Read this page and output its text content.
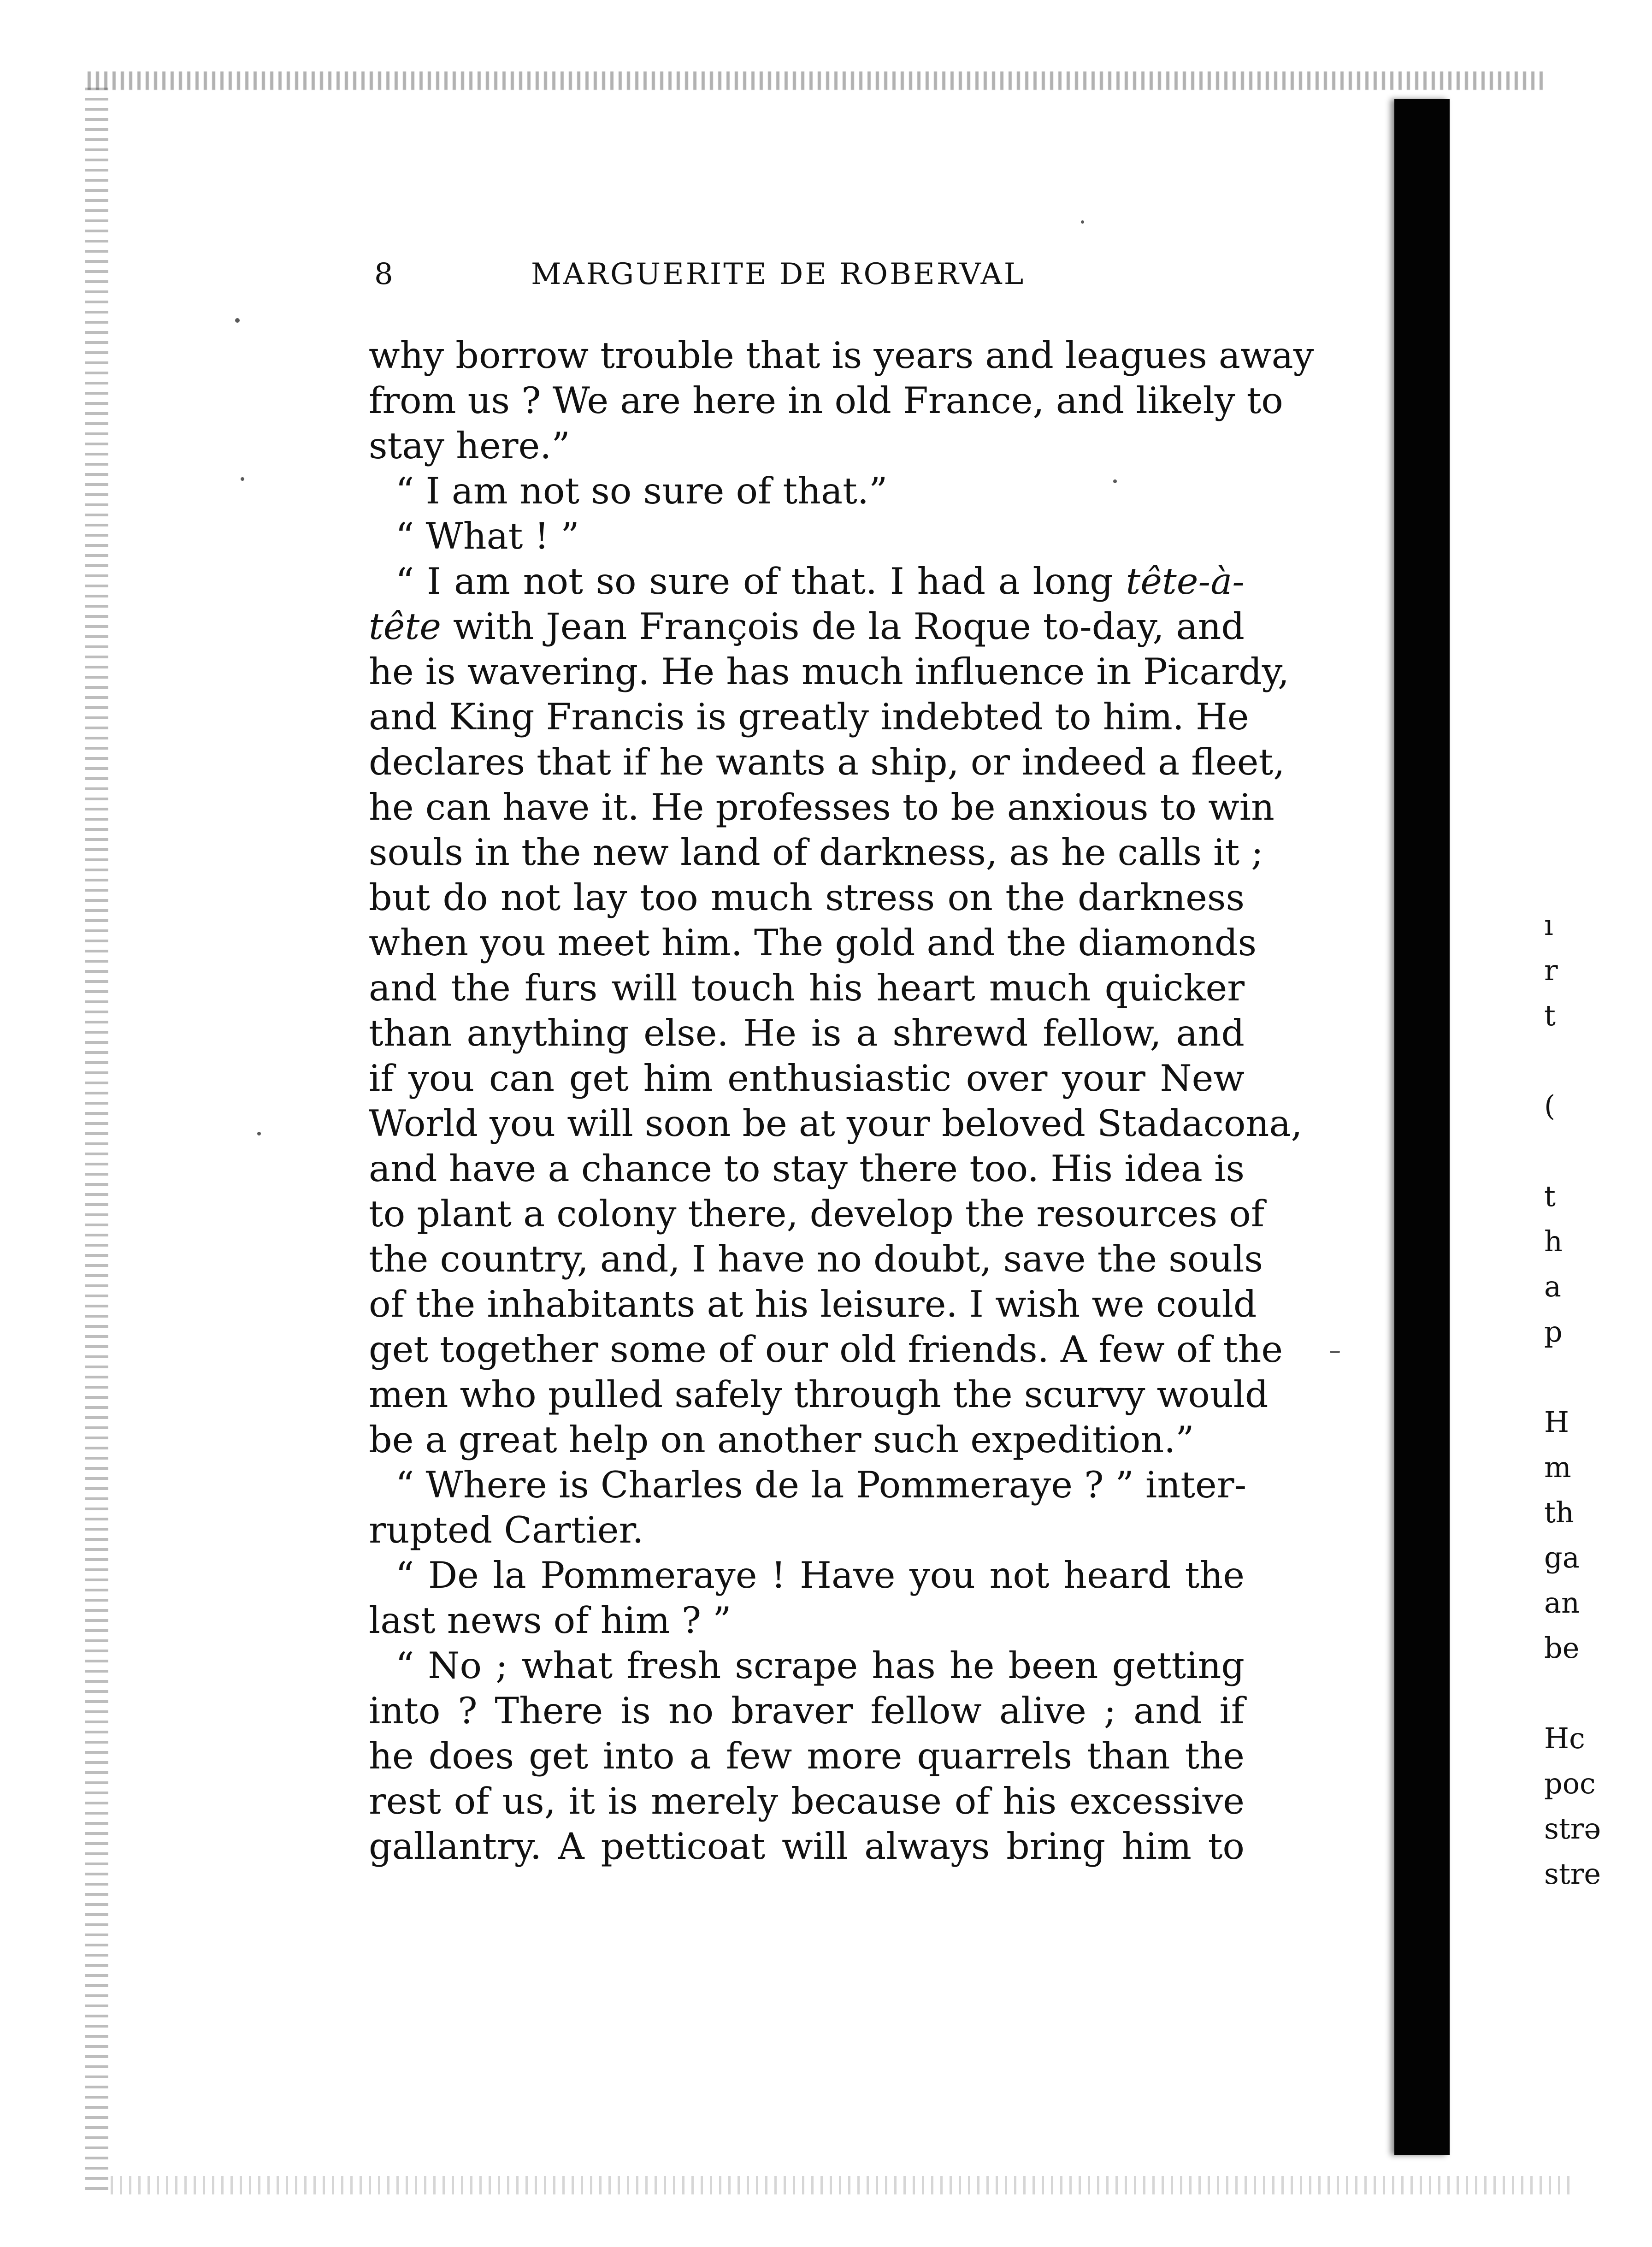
8	MARGUERITE DE ROBERVAL
why borrow trouble that is years and leagues away
from us ? We are here in old France, and likely to
stay here.”
“ I am not so sure of that.”
“ What ! ”
“ I am not so sure of that. I had a long tête-à-
tête with Jean François de la Roque to-day, and
he is wavering. He has much influence in Picardy,
and King Francis is greatly indebted to him. He
declares that if he wants a ship, or indeed a fleet,
he can have it. He professes to be anxious to win
souls in the new land of darkness, as he calls it ;
but do not lay too much stress on the darkness
when you meet him. The gold and the diamonds
and the furs will touch his heart much quicker
than anything else. He is a shrewd fellow, and
if you can get him enthusiastic over your New
World you will soon be at your beloved Stadacona,
and have a chance to stay there too. His idea is
to plant a colony there, develop the resources of
the country, and, I have no doubt, save the souls
of the inhabitants at his leisure. I wish we could
get together some of our old friends. A few of the
men who pulled safely through the scurvy would
be a great help on another such expedition.”
“ Where is Charles de la Pommeraye ? ” inter-
rupted Cartier.
“ De la Pommeraye ! Have you not heard the
last news of him ? ”
“ No ; what fresh scrape has he been getting
into ? There is no braver fellow alive ; and if
he does get into a few more quarrels than the
rest of us, it is merely because of his excessive
gallantry. A petticoat will always bring him to
ı
r
t
(
t
h
a
p
H
m
th
ga
an
be
Hc
poc
strǝ
stre
